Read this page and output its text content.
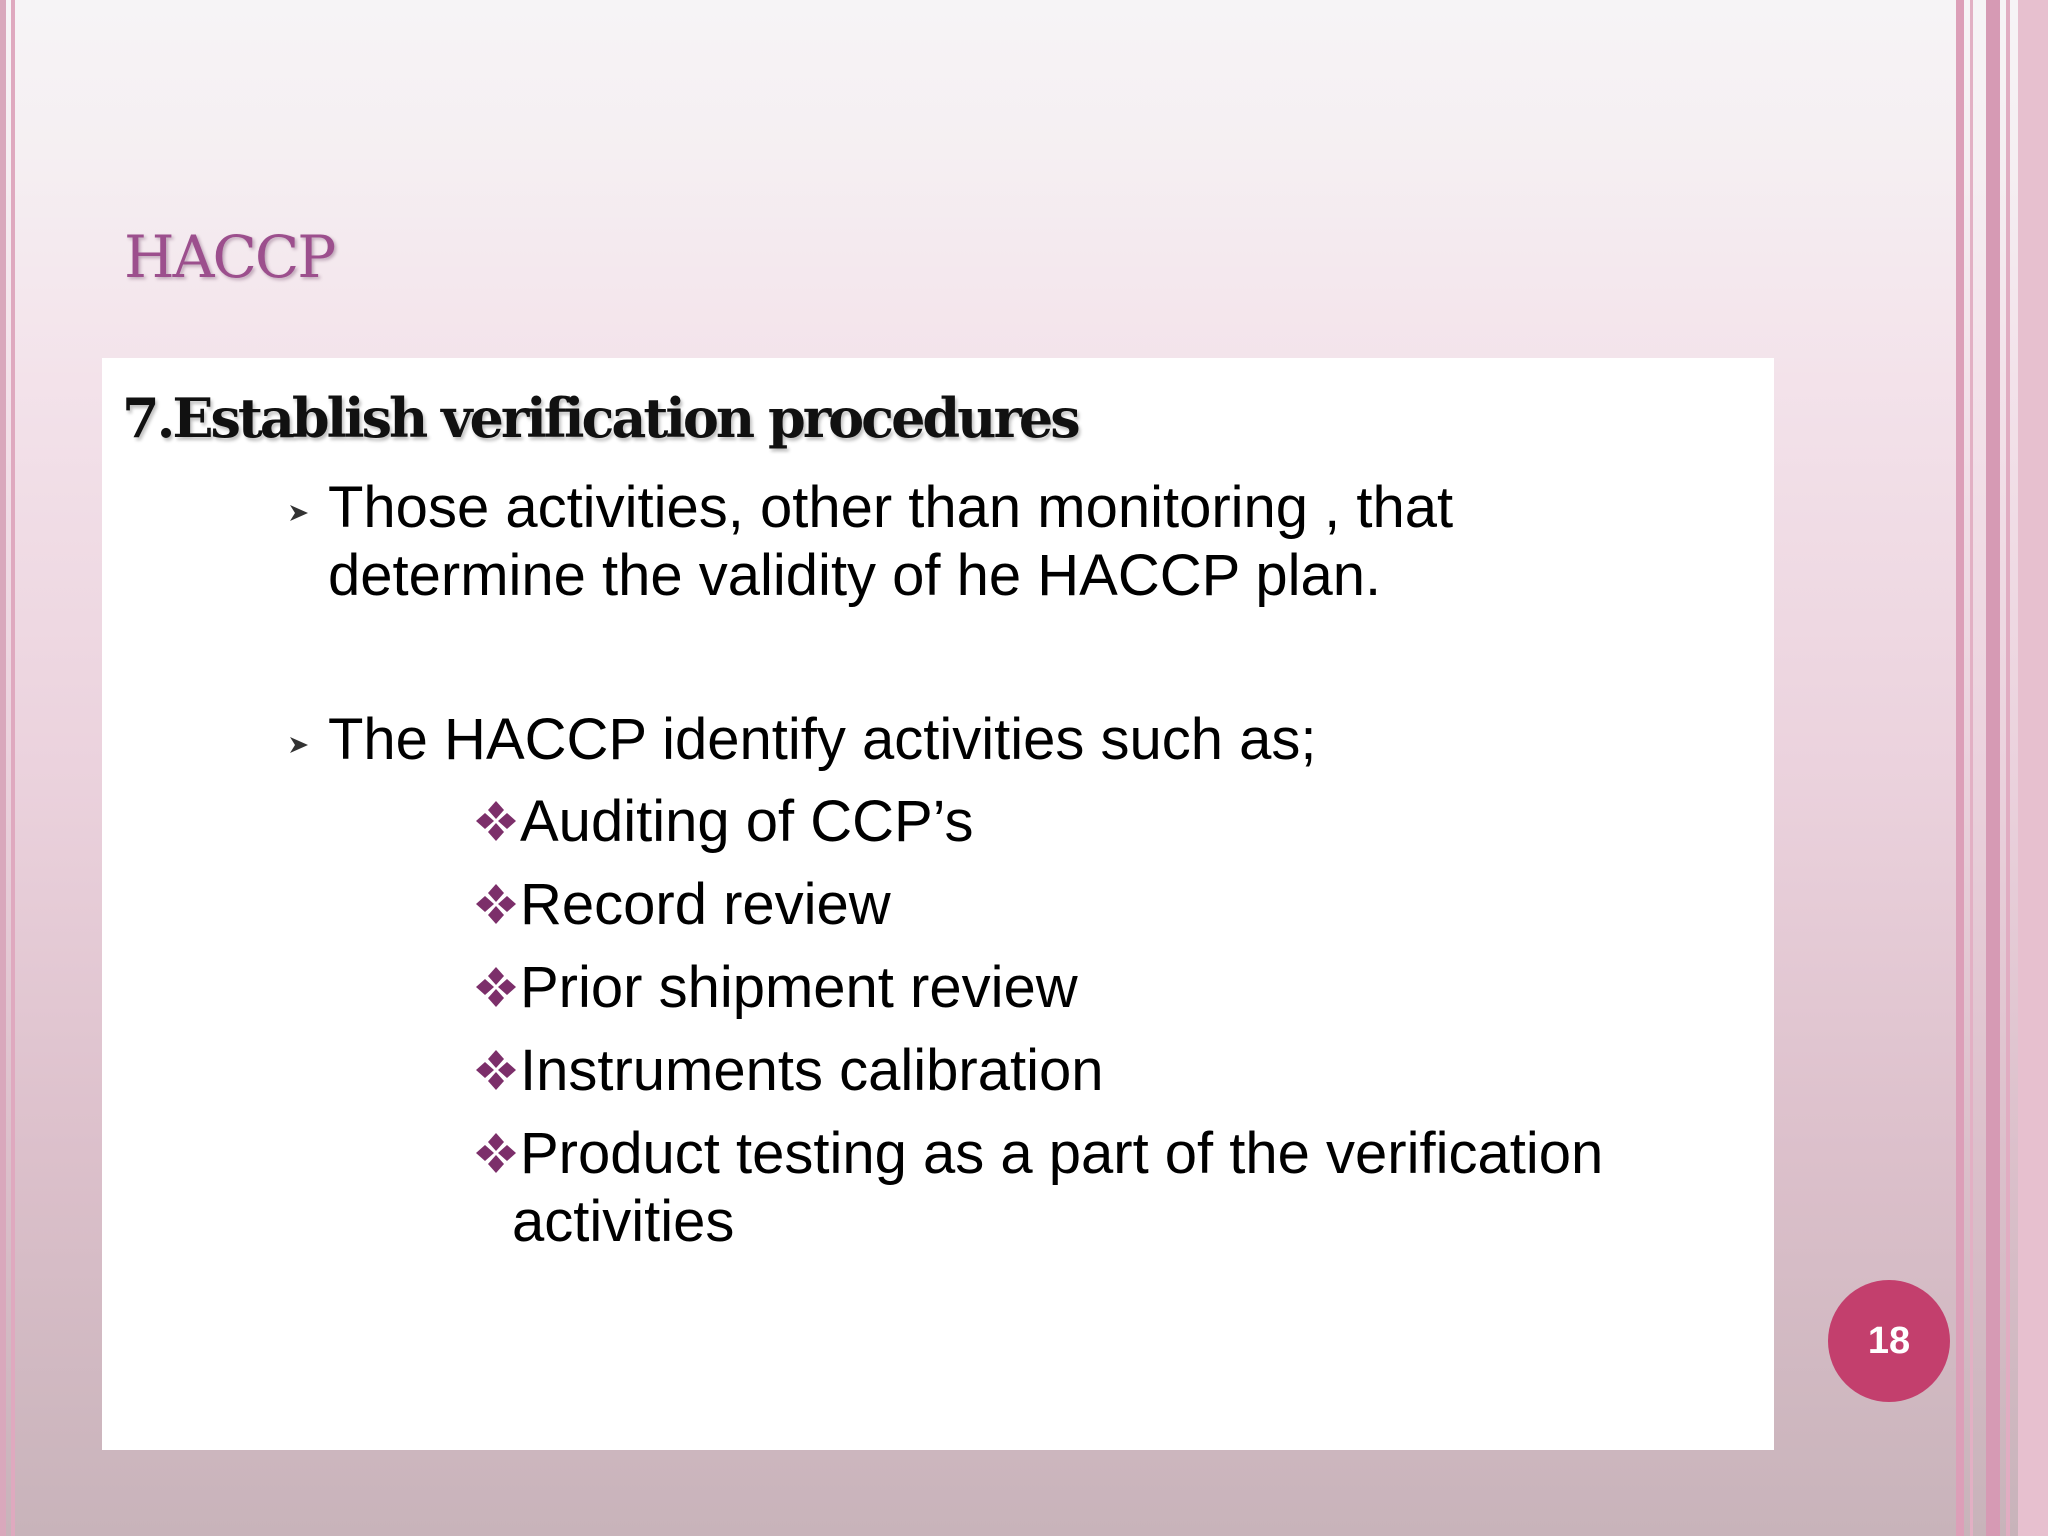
HACCP
7.Establish verification procedures
Those activities, other than monitoring , that determine the validity of he HACCP plan.
The HACCP identify activities such as;
Auditing of CCP’s
Record review
Prior shipment review
Instruments calibration
Product testing as a part of the verification
activities
18
